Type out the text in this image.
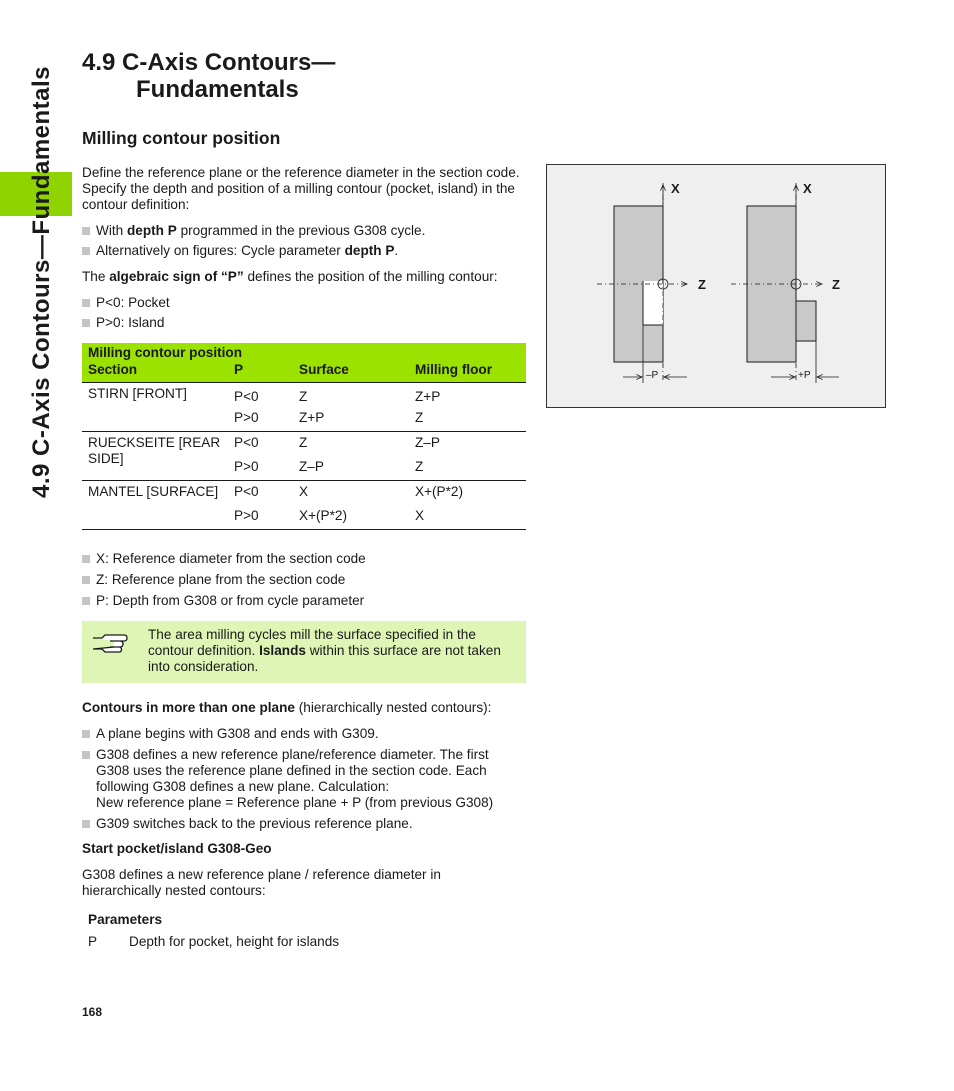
4.9 C-Axis Contours—Fundamentals
4.9 C-Axis Contours—
Fundamentals
Milling contour position
Define the reference plane or the reference diameter in the section code. Specify the depth and position of a milling contour (pocket, island) in the contour definition:
With depth P programmed in the previous G308 cycle.
Alternatively on figures: Cycle parameter depth P.
The algebraic sign of “P” defines the position of the milling contour:
P<0: Pocket
P>0: Island
Milling contour position			
Section	P	Surface	Milling floor
STIRN [FRONT]	P<0	Z	Z+P
	P>0	Z+P	Z
RUECKSEITE [REAR SIDE]	P<0	Z	Z–P
	P>0	Z–P	Z
MANTEL [SURFACE]	P<0	X	X+(P*2)
	P>0	X+(P*2)	X
X: Reference diameter from the section code
Z: Reference plane from the section code
P: Depth from G308 or from cycle parameter
The area milling cycles mill the surface specified in the contour definition. Islands within this surface are not taken into consideration.
Contours in more than one plane (hierarchically nested contours):
A plane begins with G308 and ends with G309.
G308 defines a new reference plane/reference diameter. The first G308 uses the reference plane defined in the section code. Each following G308 defines a new plane. Calculation:
New reference plane = Reference plane + P (from previous G308)
G309 switches back to the previous reference plane.
Start pocket/island G308-Geo
G308 defines a new reference plane / reference diameter in hierarchically nested contours:
Parameters
P Depth for pocket, height for islands
X
Z
–P
X
Z
+P
168
